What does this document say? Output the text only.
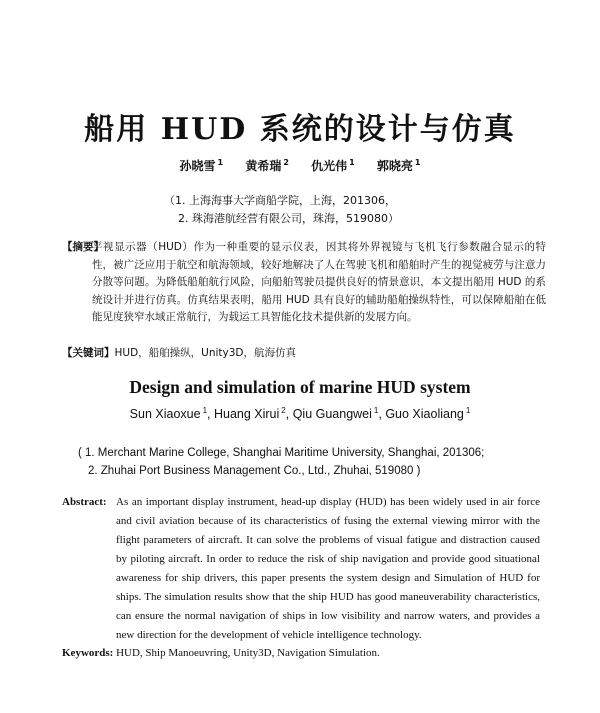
船用 HUD 系统的设计与仿真
孙晓雪 $^1$ 黄希瑞 $^2$ 仇光伟 $^1$ 郭晓亮 $^1$
（1. 上海海事大学商船学院，上海，201306，
2. 珠海港航经营有限公司，珠海，519080）
【摘要】
平视显示器（HUD）作为一种重要的显示仪表，因其将外界视镜与飞机飞行参数融合显示的特性，被广泛应用于航空和航海领域，较好地解决了人在驾驶飞机和船舶时产生的视觉疲劳与注意力分散等问题。为降低船舶航行风险，向船舶驾驶员提供良好的情景意识，本文提出船用 HUD 的系统设计并进行仿真。仿真结果表明，船用 HUD 具有良好的辅助船舶操纵特性，可以保障船舶在低能见度狭窄水域正常航行，为载运工具智能化技术提供新的发展方向。
【关键词】HUD，船舶操纵，Unity3D，航海仿真
Design and simulation of marine HUD system
Sun Xiaoxue $^1$, Huang Xirui $^2$, Qiu Guangwei $^1$, Guo Xiaoliang $^1$
( 1. Merchant Marine College, Shanghai Maritime University, Shanghai, 201306;
2. Zhuhai Port Business Management Co., Ltd., Zhuhai, 519080 )
Abstract: As an important display instrument, head-up display (HUD) has been widely used in air force and civil aviation because of its characteristics of fusing the external viewing mirror with the flight parameters of aircraft. It can solve the problems of visual fatigue and distraction caused by piloting aircraft. In order to reduce the risk of ship navigation and provide good situational awareness for ship drivers, this paper presents the system design and Simulation of HUD for ships. The simulation results show that the ship HUD has good maneuverability characteristics, can ensure the normal navigation of ships in low visibility and narrow waters, and provides a new direction for the development of vehicle intelligence technology.
Keywords: HUD, Ship Manoeuvring, Unity3D, Navigation Simulation.
